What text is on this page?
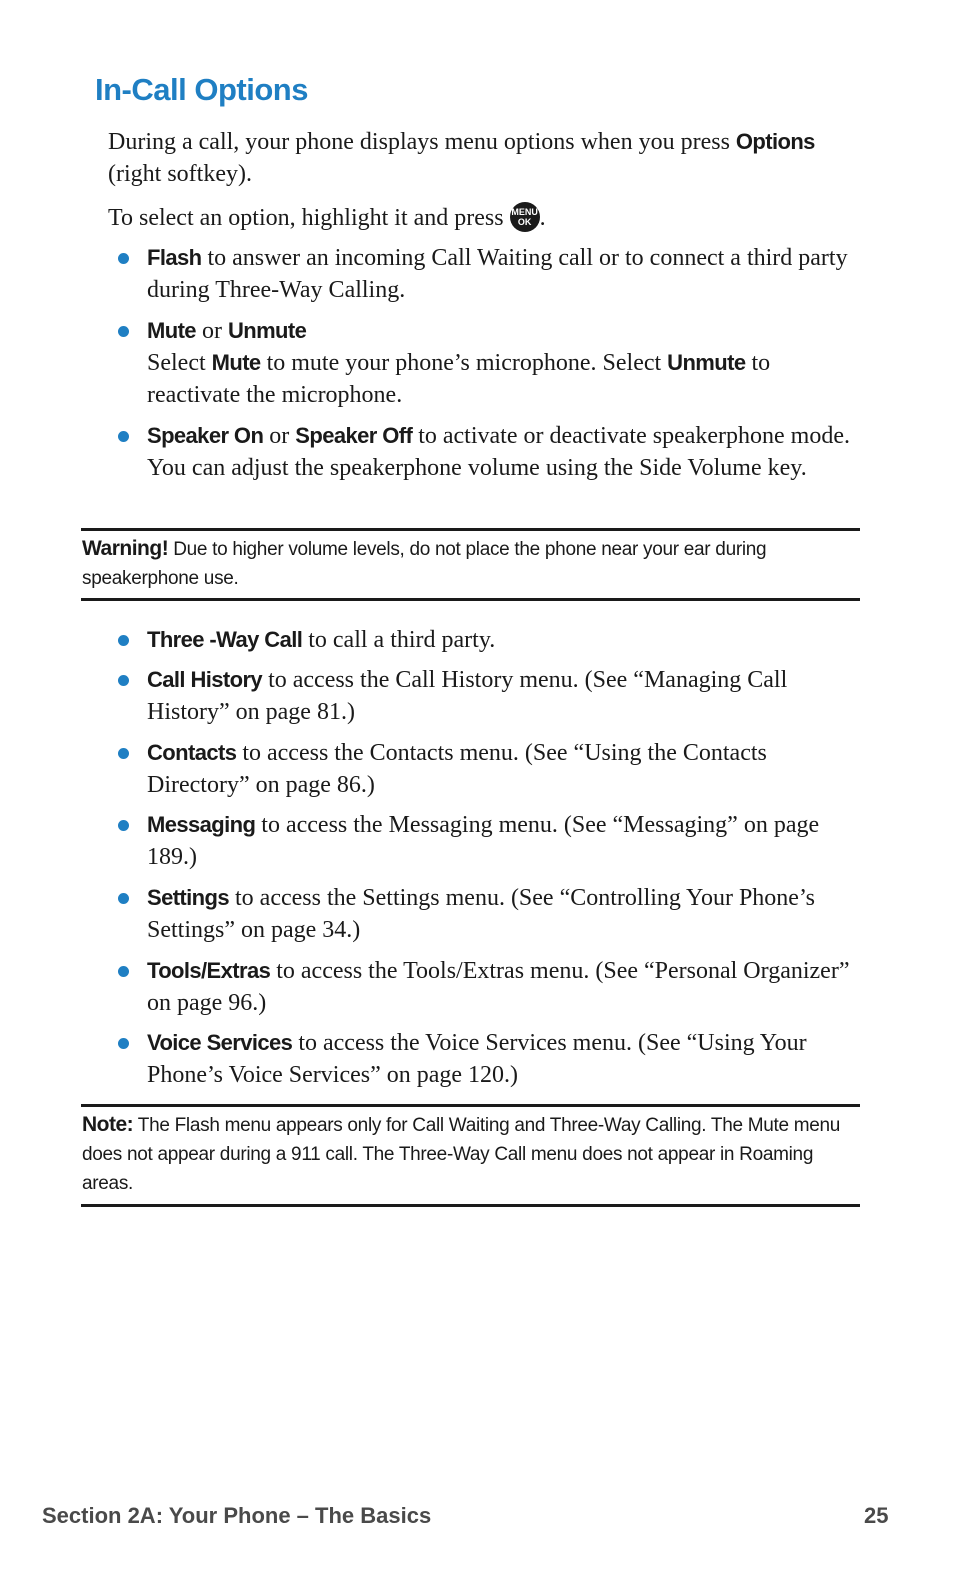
In-Call Options

During a call, your phone displays menu options when you press Options (right softkey).

To select an option, highlight it and press MENU
OK .

Flash to answer an incoming Call Waiting call or to connect a third party during Three-Way Calling.
Mute or Unmute
Select Mute to mute your phone’s microphone. Select Unmute to reactivate the microphone.
Speaker On or Speaker Off to activate or deactivate speakerphone mode. You can adjust the speakerphone volume using the Side Volume key.
Warning! Due to higher volume levels, do not place the phone near your ear during speakerphone use.
Three -Way Call to call a third party.
Call History to access the Call History menu. (See “Managing Call History” on page 81.)
Contacts to access the Contacts menu. (See “Using the Contacts Directory” on page 86.)
Messaging to access the Messaging menu. (See “Messaging” on page 189.)
Settings to access the Settings menu. (See “Controlling Your Phone’s Settings” on page 34.)
Tools/Extras to access the Tools/Extras menu. (See “Personal Organizer” on page 96.)
Voice Services to access the Voice Services menu. (See “Using Your Phone’s Voice Services” on page 120.)
Note: The Flash menu appears only for Call Waiting and Three-Way Calling. The Mute menu does not appear during a 911 call. The Three-Way Call menu does not appear in Roaming areas.
Section 2A: Your Phone – The Basics	25
